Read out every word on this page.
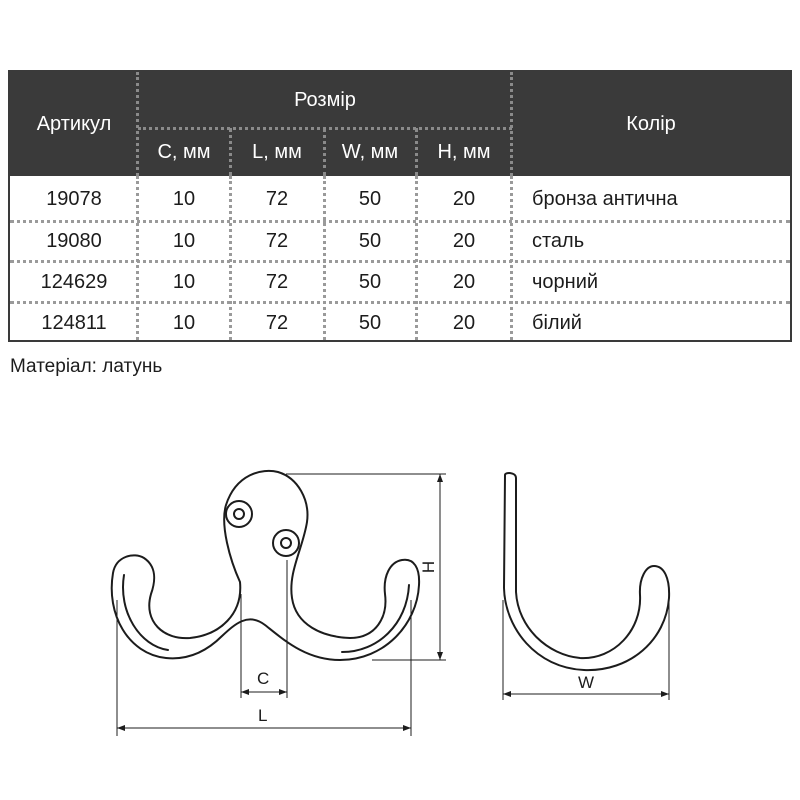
Артикул
Розмір
С, мм	L, мм	W, мм	H, мм
Колір
19078	10	72	50	20	бронза антична
19080	10	72	50	20	сталь
124629	10	72	50	20	чорний
124811	10	72	50	20	білий
Матеріал: латунь
C
L
W
H
